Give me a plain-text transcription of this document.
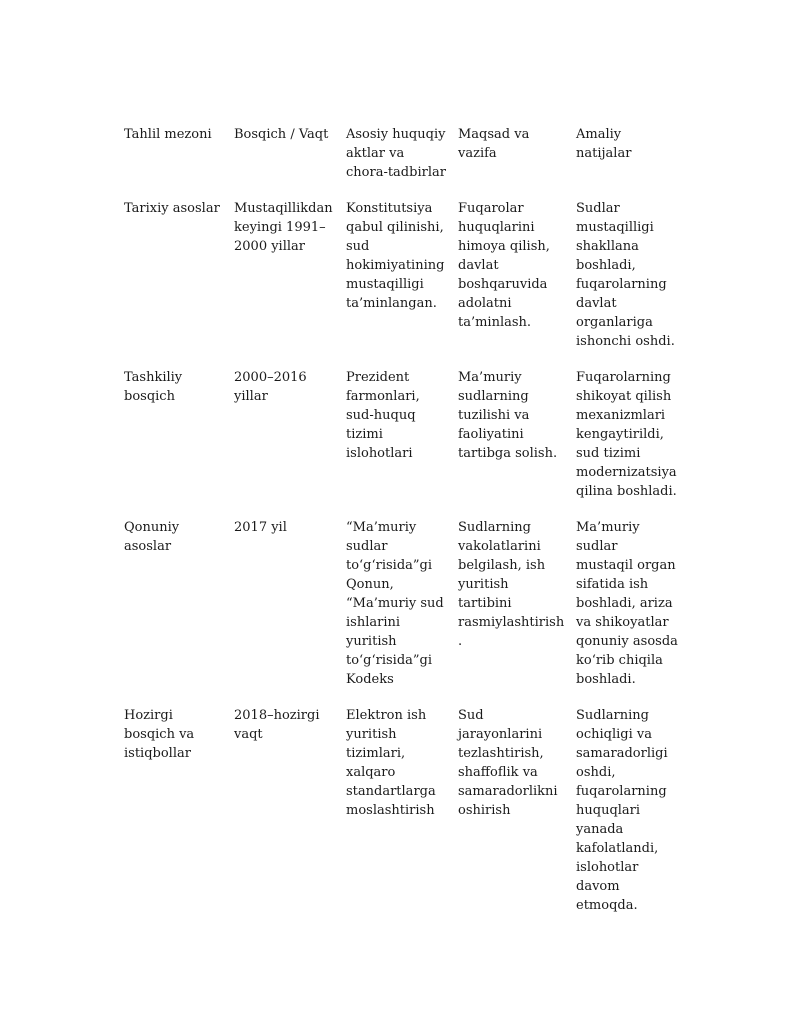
Tahlil mezoni	Bosqich / Vaqt	Asosiy huquqiy aktlar va chora-tadbirlar	Maqsad va vazifa	Amaliy natijalar
Tarixiy asoslar	Mustaqillikdan keyingi 1991–2000 yillar	Konstitutsiya qabul qilinishi, sud hokimiyatining mustaqilligi ta’minlangan.	Fuqarolar huquqlarini himoya qilish, davlat boshqaruvida adolatni ta’minlash.	Sudlar mustaqilligi shakllana boshladi, fuqarolarning davlat organlariga ishonchi oshdi.
Tashkiliy bosqich	2000–2016 yillar	Prezident farmonlari, sud-huquq tizimi islohotlari	Ma’muriy sudlarning tuzilishi va faoliyatini tartibga solish.	Fuqarolarning shikoyat qilish mexanizmlari kengaytirildi, sud tizimi modernizatsiya qilina boshladi.
Qonuniy asoslar	2017 yil	“Ma’muriy sudlar to‘g‘risida”gi Qonun, “Ma’muriy sud ishlarini yuritish to‘g‘risida”gi Kodeks	Sudlarning vakolatlarini belgilash, ish yuritish tartibini rasmiylashtirish.	Ma’muriy sudlar mustaqil organ sifatida ish boshladi, ariza va shikoyatlar qonuniy asosda ko‘rib chiqila boshladi.
Hozirgi bosqich va istiqbollar	2018–hozirgi vaqt	Elektron ish yuritish tizimlari, xalqaro standartlarga moslashtirish	Sud jarayonlarini tezlashtirish, shaffoflik va samaradorlikni oshirish	Sudlarning ochiqligi va samaradorligi oshdi, fuqarolarning huquqlari yanada kafolatlandi, islohotlar davom etmoqda.
